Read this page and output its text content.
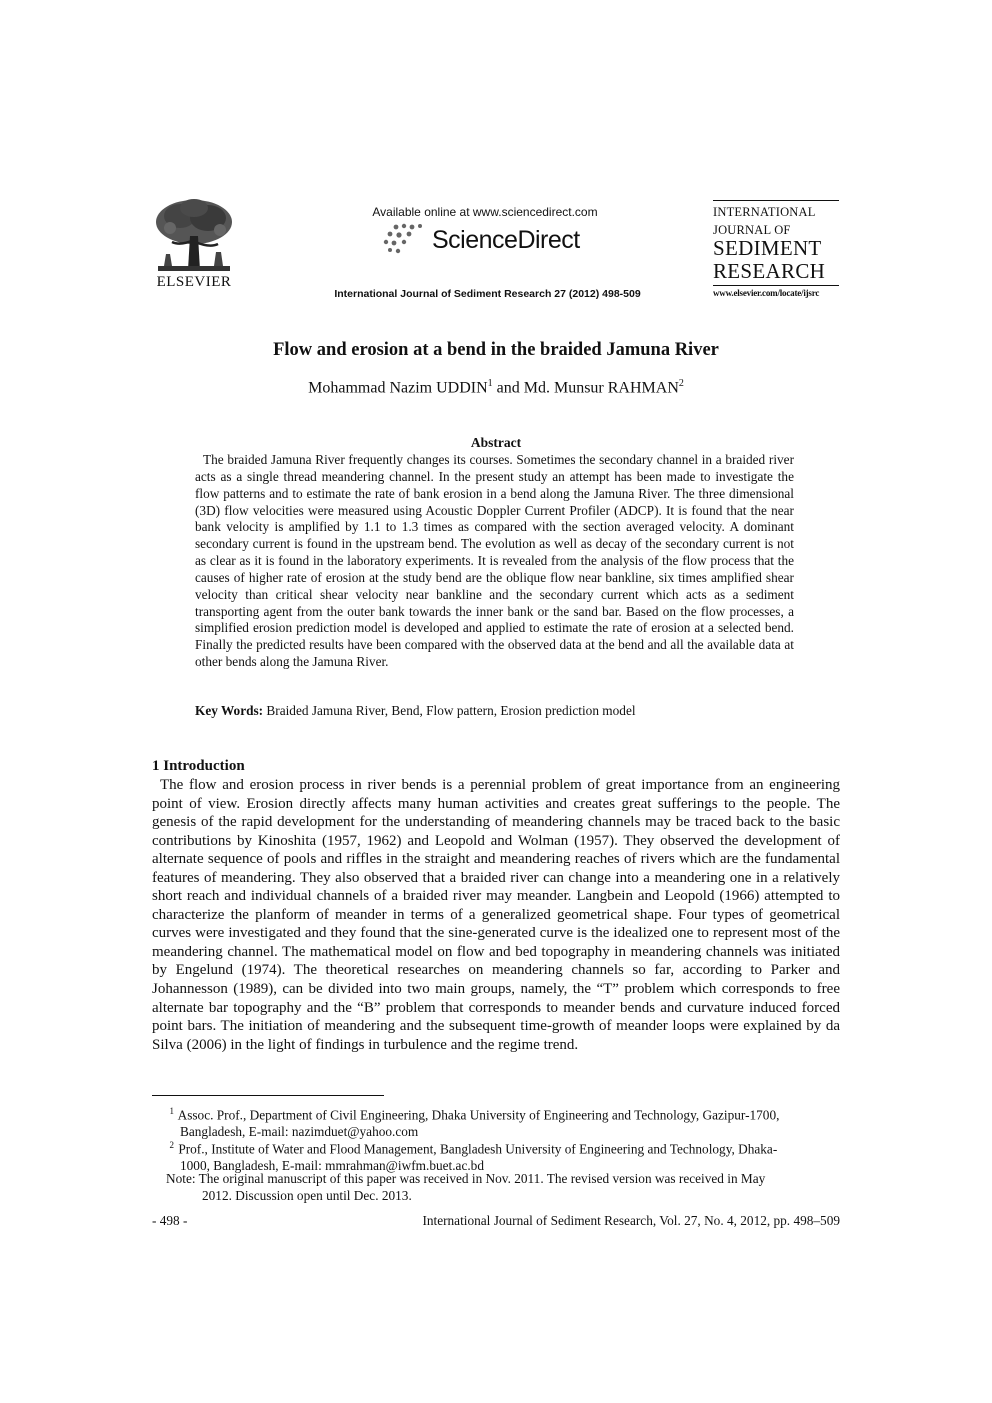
ELSEVIER
Available online at www.sciencedirect.com
ScienceDirect
International Journal of Sediment Research 27 (2012) 498-509
INTERNATIONAL
JOURNAL OF
SEDIMENT
RESEARCH
www.elsevier.com/locate/ijsrc
Flow and erosion at a bend in the braided Jamuna River
Mohammad Nazim UDDIN$^1$ and Md. Munsur RAHMAN$^2$
Abstract

The braided Jamuna River frequently changes its courses. Sometimes the secondary channel in a braided river acts as a single thread meandering channel. In the present study an attempt has been made to investigate the flow patterns and to estimate the rate of bank erosion in a bend along the Jamuna River. The three dimensional (3D) flow velocities were measured using Acoustic Doppler Current Profiler (ADCP). It is found that the near bank velocity is amplified by 1.1 to 1.3 times as compared with the section averaged velocity. A dominant secondary current is found in the upstream bend. The evolution as well as decay of the secondary current is not as clear as it is found in the laboratory experiments. It is revealed from the analysis of the flow process that the causes of higher rate of erosion at the study bend are the oblique flow near bankline, six times amplified shear velocity than critical shear velocity near bankline and the secondary current which acts as a sediment transporting agent from the outer bank towards the inner bank or the sand bar. Based on the flow processes, a simplified erosion prediction model is developed and applied to estimate the rate of erosion at a selected bend. Finally the predicted results have been compared with the observed data at the bend and all the available data at other bends along the Jamuna River.

Key Words: Braided Jamuna River, Bend, Flow pattern, Erosion prediction model
1 Introduction

The flow and erosion process in river bends is a perennial problem of great importance from an engineering point of view. Erosion directly affects many human activities and creates great sufferings to the people. The genesis of the rapid development for the understanding of meandering channels may be traced back to the basic contributions by Kinoshita (1957, 1962) and Leopold and Wolman (1957). They observed the development of alternate sequence of pools and riffles in the straight and meandering reaches of rivers which are the fundamental features of meandering. They also observed that a braided river can change into a meandering one in a relatively short reach and individual channels of a braided river may meander. Langbein and Leopold (1966) attempted to characterize the planform of meander in terms of a generalized geometrical shape. Four types of geometrical curves were investigated and they found that the sine-generated curve is the idealized one to represent most of the meandering channel. The mathematical model on flow and bed topography in meandering channels was initiated by Engelund (1974). The theoretical researches on meandering channels so far, according to Parker and Johannesson (1989), can be divided into two main groups, namely, the “T” problem which corresponds to free alternate bar topography and the “B” problem that corresponds to meander bends and curvature induced forced point bars. The initiation of meandering and the subsequent time-growth of meander loops were explained by da Silva (2006) in the light of findings in turbulence and the regime trend.

$^1$ Assoc. Prof., Department of Civil Engineering, Dhaka University of Engineering and Technology, Gazipur-1700,
Bangladesh, E-mail: nazimduet@yahoo.com
$^2$ Prof., Institute of Water and Flood Management, Bangladesh University of Engineering and Technology, Dhaka-
1000, Bangladesh, E-mail: mmrahman@iwfm.buet.ac.bd
Note: The original manuscript of this paper was received in Nov. 2011. The revised version was received in May
2012. Discussion open until Dec. 2013.
- 498 -	International Journal of Sediment Research, Vol. 27, No. 4, 2012, pp. 498–509
